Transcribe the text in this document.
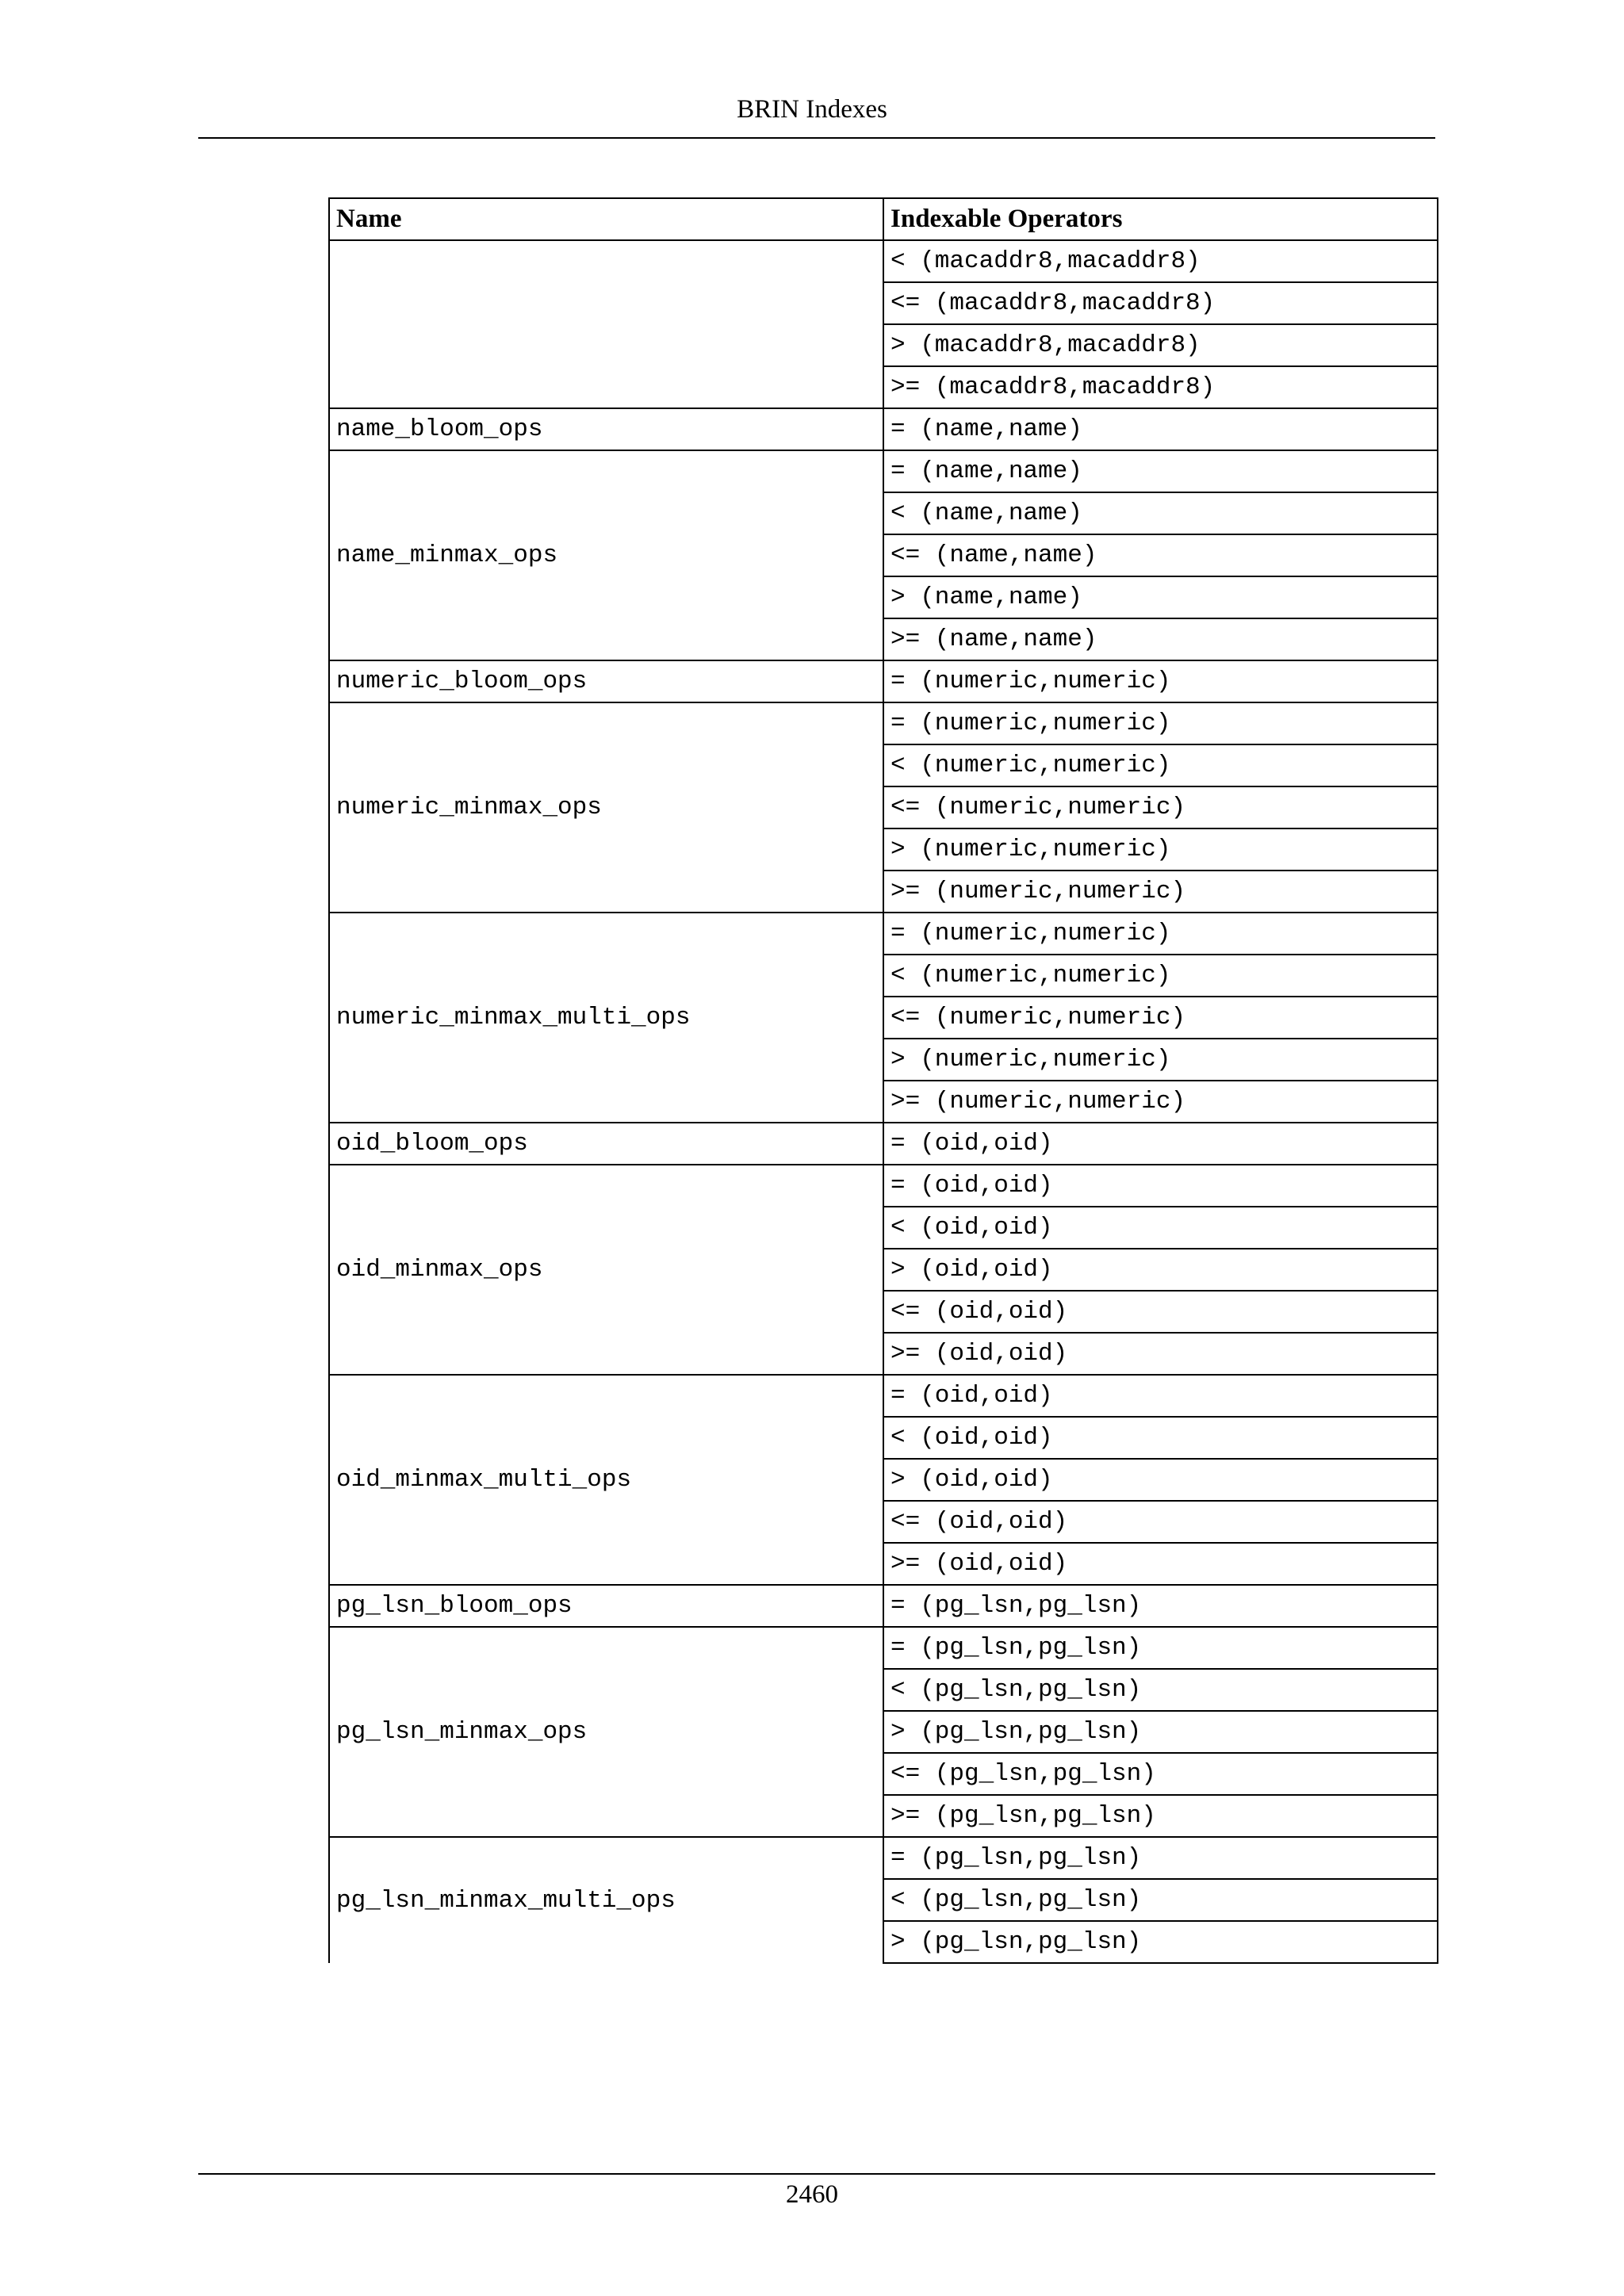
BRIN Indexes
Name	Indexable Operators
	< (macaddr8,macaddr8)
	<= (macaddr8,macaddr8)
	> (macaddr8,macaddr8)
	>= (macaddr8,macaddr8)
name_bloom_ops	= (name,name)
name_minmax_ops	= (name,name)
	< (name,name)
	<= (name,name)
	> (name,name)
	>= (name,name)
numeric_bloom_ops	= (numeric,numeric)
numeric_minmax_ops	= (numeric,numeric)
	< (numeric,numeric)
	<= (numeric,numeric)
	> (numeric,numeric)
	>= (numeric,numeric)
numeric_minmax_multi_ops	= (numeric,numeric)
	< (numeric,numeric)
	<= (numeric,numeric)
	> (numeric,numeric)
	>= (numeric,numeric)
oid_bloom_ops	= (oid,oid)
oid_minmax_ops	= (oid,oid)
	< (oid,oid)
	> (oid,oid)
	<= (oid,oid)
	>= (oid,oid)
oid_minmax_multi_ops	= (oid,oid)
	< (oid,oid)
	> (oid,oid)
	<= (oid,oid)
	>= (oid,oid)
pg_lsn_bloom_ops	= (pg_lsn,pg_lsn)
pg_lsn_minmax_ops	= (pg_lsn,pg_lsn)
	< (pg_lsn,pg_lsn)
	> (pg_lsn,pg_lsn)
	<= (pg_lsn,pg_lsn)
	>= (pg_lsn,pg_lsn)
pg_lsn_minmax_multi_ops	= (pg_lsn,pg_lsn)
	< (pg_lsn,pg_lsn)
	> (pg_lsn,pg_lsn)
2460
